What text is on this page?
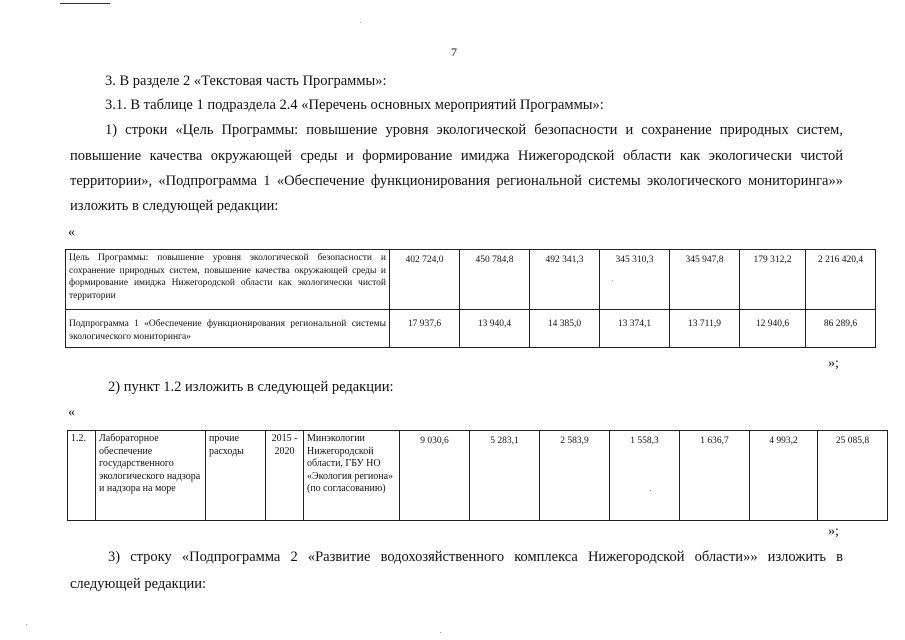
7
3. В разделе 2 «Текстовая часть Программы»:
3.1. В таблице 1 подраздела 2.4 «Перечень основных мероприятий Программы»:
1) строки «Цель Программы: повышение уровня экологической безопасности и сохранение природных систем,
повышение качества окружающей среды и формирование имиджа Нижегородской области как экологически чистой
территории», «Подпрограмма 1 «Обеспечение функционирования региональной системы экологического мониторинга»»
изложить в следующей редакции:
«
Цель Программы: повышение уровня экологической безопасности и сохранение природных систем, повышение качества окружающей среды и формирование имиджа Нижегородской области как экологически чистой территории	402 724,0	450 784,8	492 341,3	345 310,3	345 947,8	179 312,2	2 216 420,4
Подпрограмма 1 «Обеспечение функционирования региональной системы экологического мониторинга»	17 937,6	13 940,4	14 385,0	13 374,1	13 711,9	12 940,6	86 289,6
»;
2) пункт 1.2 изложить в следующей редакции:
«
1.2.	Лабораторное обеспечение государственного экологического надзора и надзора на море	прочие расходы	2015 - 2020	Минэкологии Нижегородской области, ГБУ НО «Экология региона» (по согласованию)	9 030,6	5 283,1	2 583,9	1 558,3	1 636,7	4 993,2	25 085,8
»;
3) строку «Подпрограмма 2 «Развитие водохозяйственного комплекса Нижегородской области»» изложить в
следующей редакции:
